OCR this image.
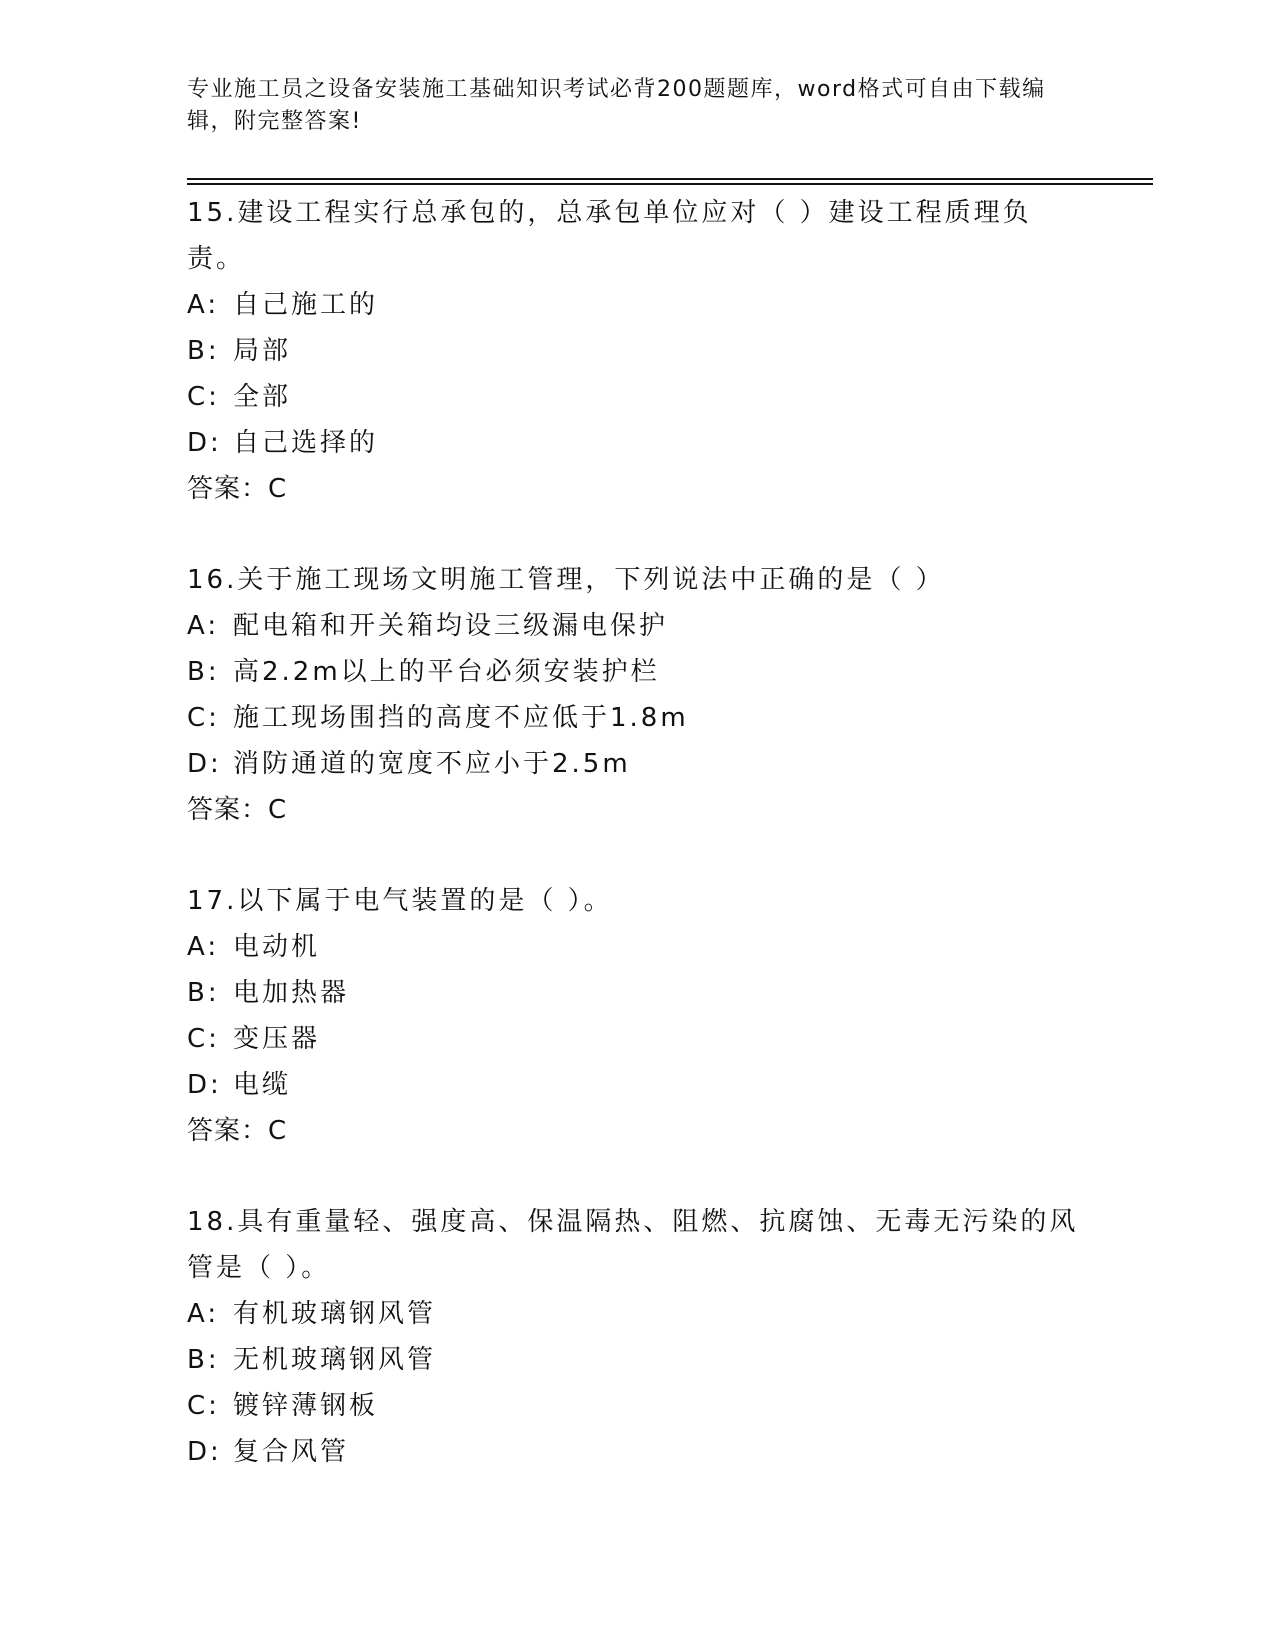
专业施工员之设备安装施工基础知识考试必背200题题库，word格式可自由下载编辑，附完整答案!

15.建设工程实行总承包的，总承包单位应对（ ）建设工程质理负责。

A: 自己施工的

B: 局部

C: 全部

D: 自己选择的

答案：C

16.关于施工现场文明施工管理，下列说法中正确的是（ ）

A: 配电箱和开关箱均设三级漏电保护

B: 高2.2m以上的平台必须安装护栏

C: 施工现场围挡的高度不应低于1.8m

D: 消防通道的宽度不应小于2.5m

答案：C

17.以下属于电气装置的是（ ）。

A: 电动机

B: 电加热器

C: 变压器

D: 电缆

答案：C

18.具有重量轻、强度高、保温隔热、阻燃、抗腐蚀、无毒无污染的风管是（ ）。

A: 有机玻璃钢风管

B: 无机玻璃钢风管

C: 镀锌薄钢板

D: 复合风管
